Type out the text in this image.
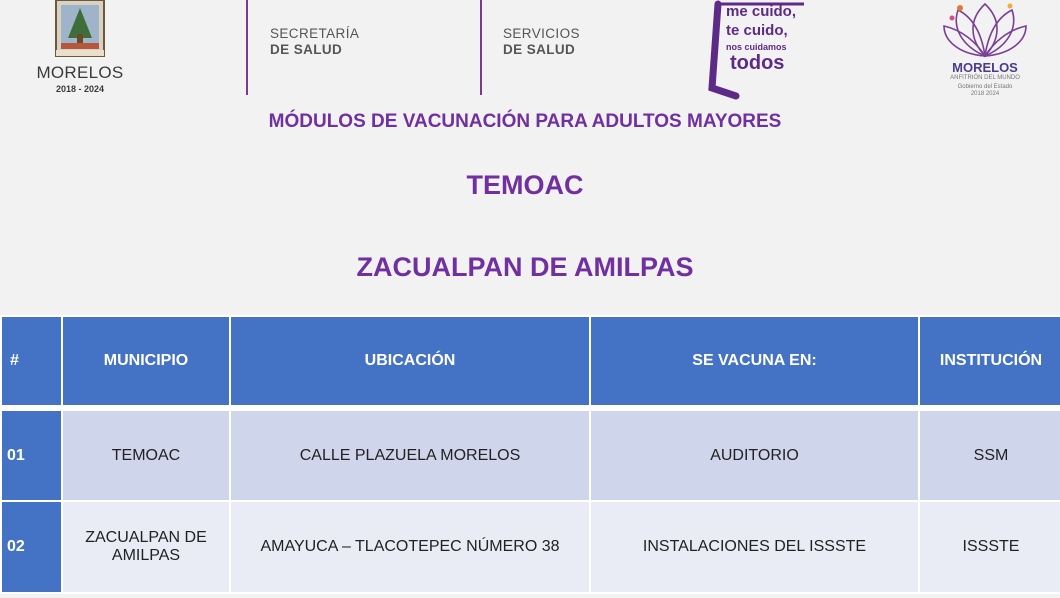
MORELOS
2018 - 2024
SECRETARÍA
DE SALUD
SERVICIOS
DE SALUD
me cuido,
te cuido,
nos cuidamos
todos	MORELOS
ANFITRIÓN DEL MUNDO
Gobierno del Estado
2018 2024
MÓDULOS DE VACUNACIÓN PARA ADULTOS MAYORES
TEMOAC
ZACUALPAN DE AMILPAS
#	MUNICIPIO	UBICACIÓN	SE VACUNA EN:	INSTITUCIÓN

01	TEMOAC	CALLE PLAZUELA MORELOS	AUDITORIO	SSM
02	ZACUALPAN DE AMILPAS	AMAYUCA – TLACOTEPEC NÚMERO 38	INSTALACIONES DEL ISSSTE	ISSSTE
